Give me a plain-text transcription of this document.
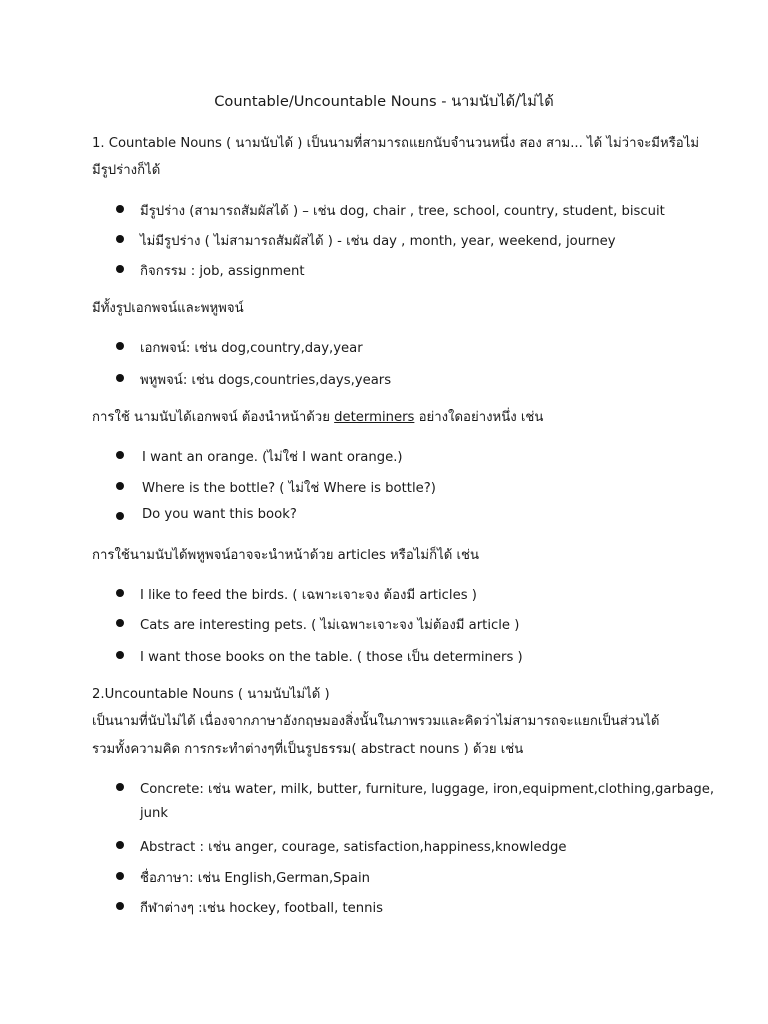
Countable/Uncountable Nouns - นามนับได้/ไม่ได้
1. Countable Nouns ( นามนับได้ ) เป็นนามที่สามารถแยกนับจำนวนหนึ่ง สอง สาม... ได้ ไม่ว่าจะมีหรือไม่
มีรูปร่างก็ได้
มีรูปร่าง (สามารถสัมผัสได้ ) – เช่น dog, chair , tree, school, country, student, biscuit
ไม่มีรูปร่าง ( ไม่สามารถสัมผัสได้ ) - เช่น day , month, year, weekend, journey
กิจกรรม : job, assignment
มีทั้งรูปเอกพจน์และพหูพจน์
เอกพจน์: เช่น dog,country,day,year
พหูพจน์: เช่น dogs,countries,days,years
การใช้ นามนับได้เอกพจน์ ต้องนำหน้าด้วย determiners อย่างใดอย่างหนึ่ง เช่น
I want an orange. (ไม่ใช่ I want orange.)
Where is the bottle? ( ไม่ใช่ Where is bottle?)
Do you want this book?
การใช้นามนับได้พหูพจน์อาจจะนำหน้าด้วย articles หรือไม่ก็ได้ เช่น
I like to feed the birds. ( เฉพาะเจาะจง ต้องมี articles )
Cats are interesting pets. ( ไม่เฉพาะเจาะจง ไม่ต้องมี article )
I want those books on the table. ( those เป็น determiners )
2.Uncountable Nouns ( นามนับไม่ได้ )
เป็นนามที่นับไม่ได้ เนื่องจากภาษาอังกฤษมองสิ่งนั้นในภาพรวมและคิดว่าไม่สามารถจะแยกเป็นส่วนได้
รวมทั้งความคิด การกระทำต่างๆที่เป็นรูปธรรม( abstract nouns ) ด้วย เช่น
Concrete: เช่น water, milk, butter, furniture, luggage, iron,equipment,clothing,garbage,
junk
Abstract : เช่น anger, courage, satisfaction,happiness,knowledge
ชื่อภาษา: เช่น English,German,Spain
กีฬาต่างๆ :เช่น hockey, football, tennis
